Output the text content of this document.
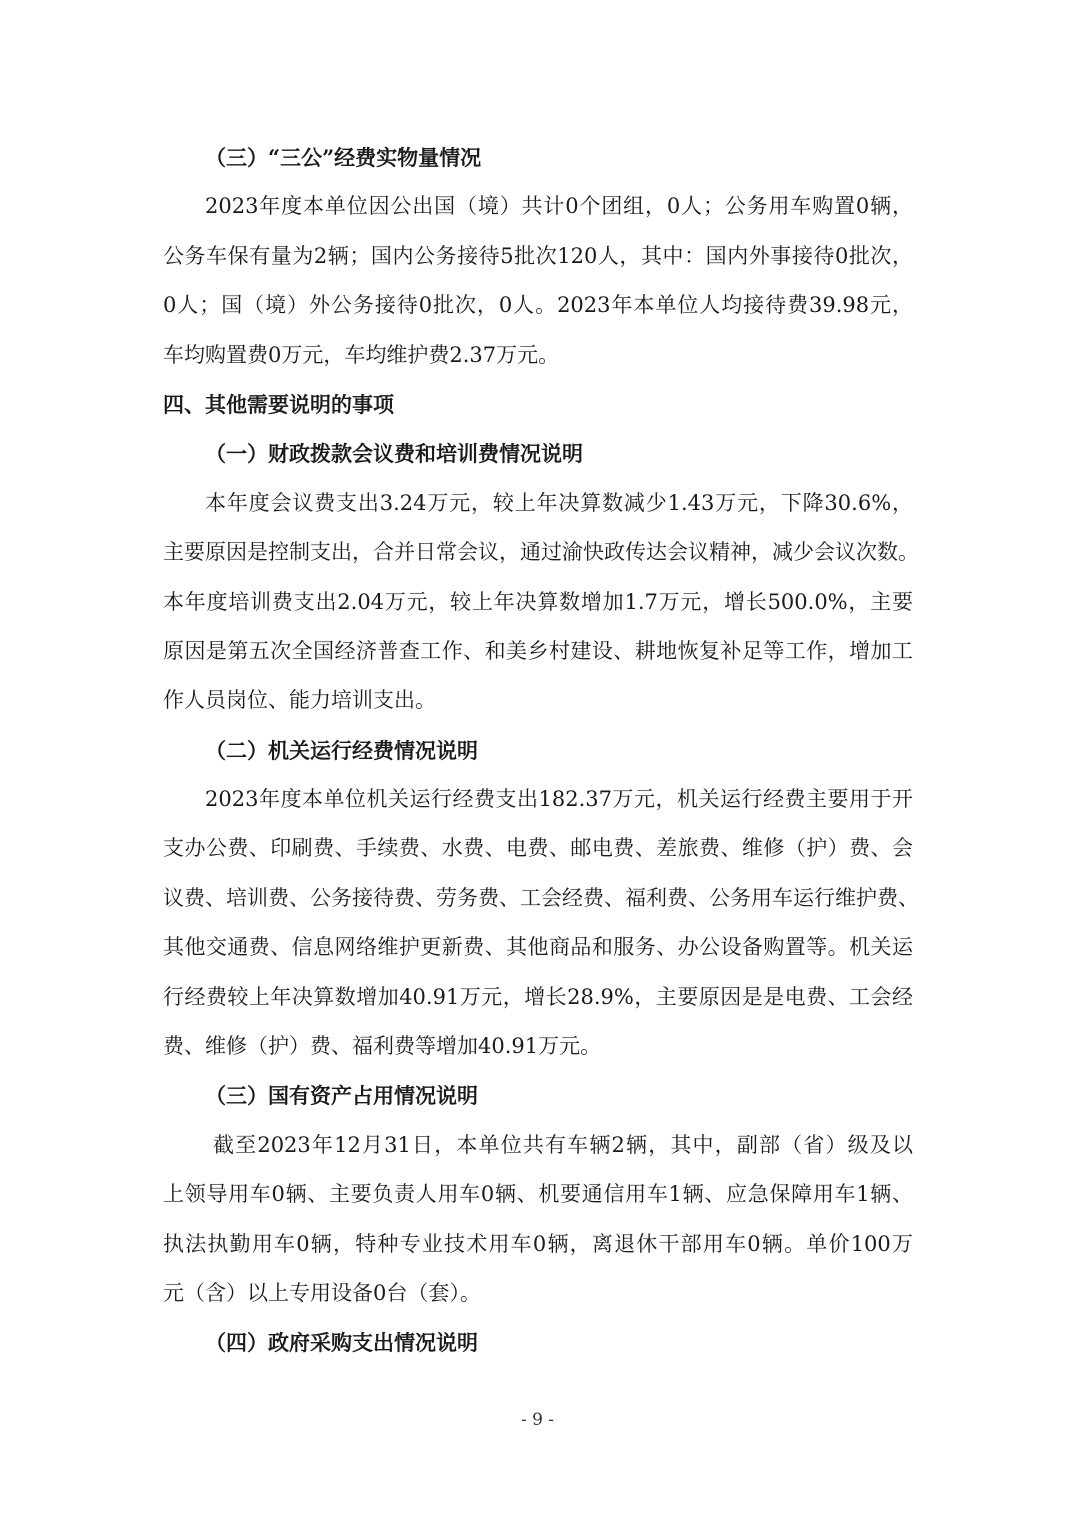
（三）“三公”经费实物量情况
2023年度本单位因公出国（境）共计0个团组，0人；公务用车购置0辆，
公务车保有量为2辆；国内公务接待5批次120人，其中：国内外事接待0批次，
0人；国（境）外公务接待0批次，0人。2023年本单位人均接待费39.98元，
车均购置费0万元，车均维护费2.37万元。
四、其他需要说明的事项
（一）财政拨款会议费和培训费情况说明
本年度会议费支出3.24万元，较上年决算数减少1.43万元，下降30.6%，
主要原因是控制支出，合并日常会议，通过渝快政传达会议精神，减少会议次数。
本年度培训费支出2.04万元，较上年决算数增加1.7万元，增长500.0%，主要
原因是第五次全国经济普查工作、和美乡村建设、耕地恢复补足等工作，增加工
作人员岗位、能力培训支出。
（二）机关运行经费情况说明
2023年度本单位机关运行经费支出182.37万元，机关运行经费主要用于开
支办公费、印刷费、手续费、水费、电费、邮电费、差旅费、维修（护）费、会
议费、培训费、公务接待费、劳务费、工会经费、福利费、公务用车运行维护费、
其他交通费、信息网络维护更新费、其他商品和服务、办公设备购置等。机关运
行经费较上年决算数增加40.91万元，增长28.9%，主要原因是是电费、工会经
费、维修（护）费、福利费等增加40.91万元。
（三）国有资产占用情况说明
截至2023年12月31日，本单位共有车辆2辆，其中，副部（省）级及以
上领导用车0辆、主要负责人用车0辆、机要通信用车1辆、应急保障用车1辆、
执法执勤用车0辆，特种专业技术用车0辆，离退休干部用车0辆。单价100万
元（含）以上专用设备0台（套）。
（四）政府采购支出情况说明
- 9 -
